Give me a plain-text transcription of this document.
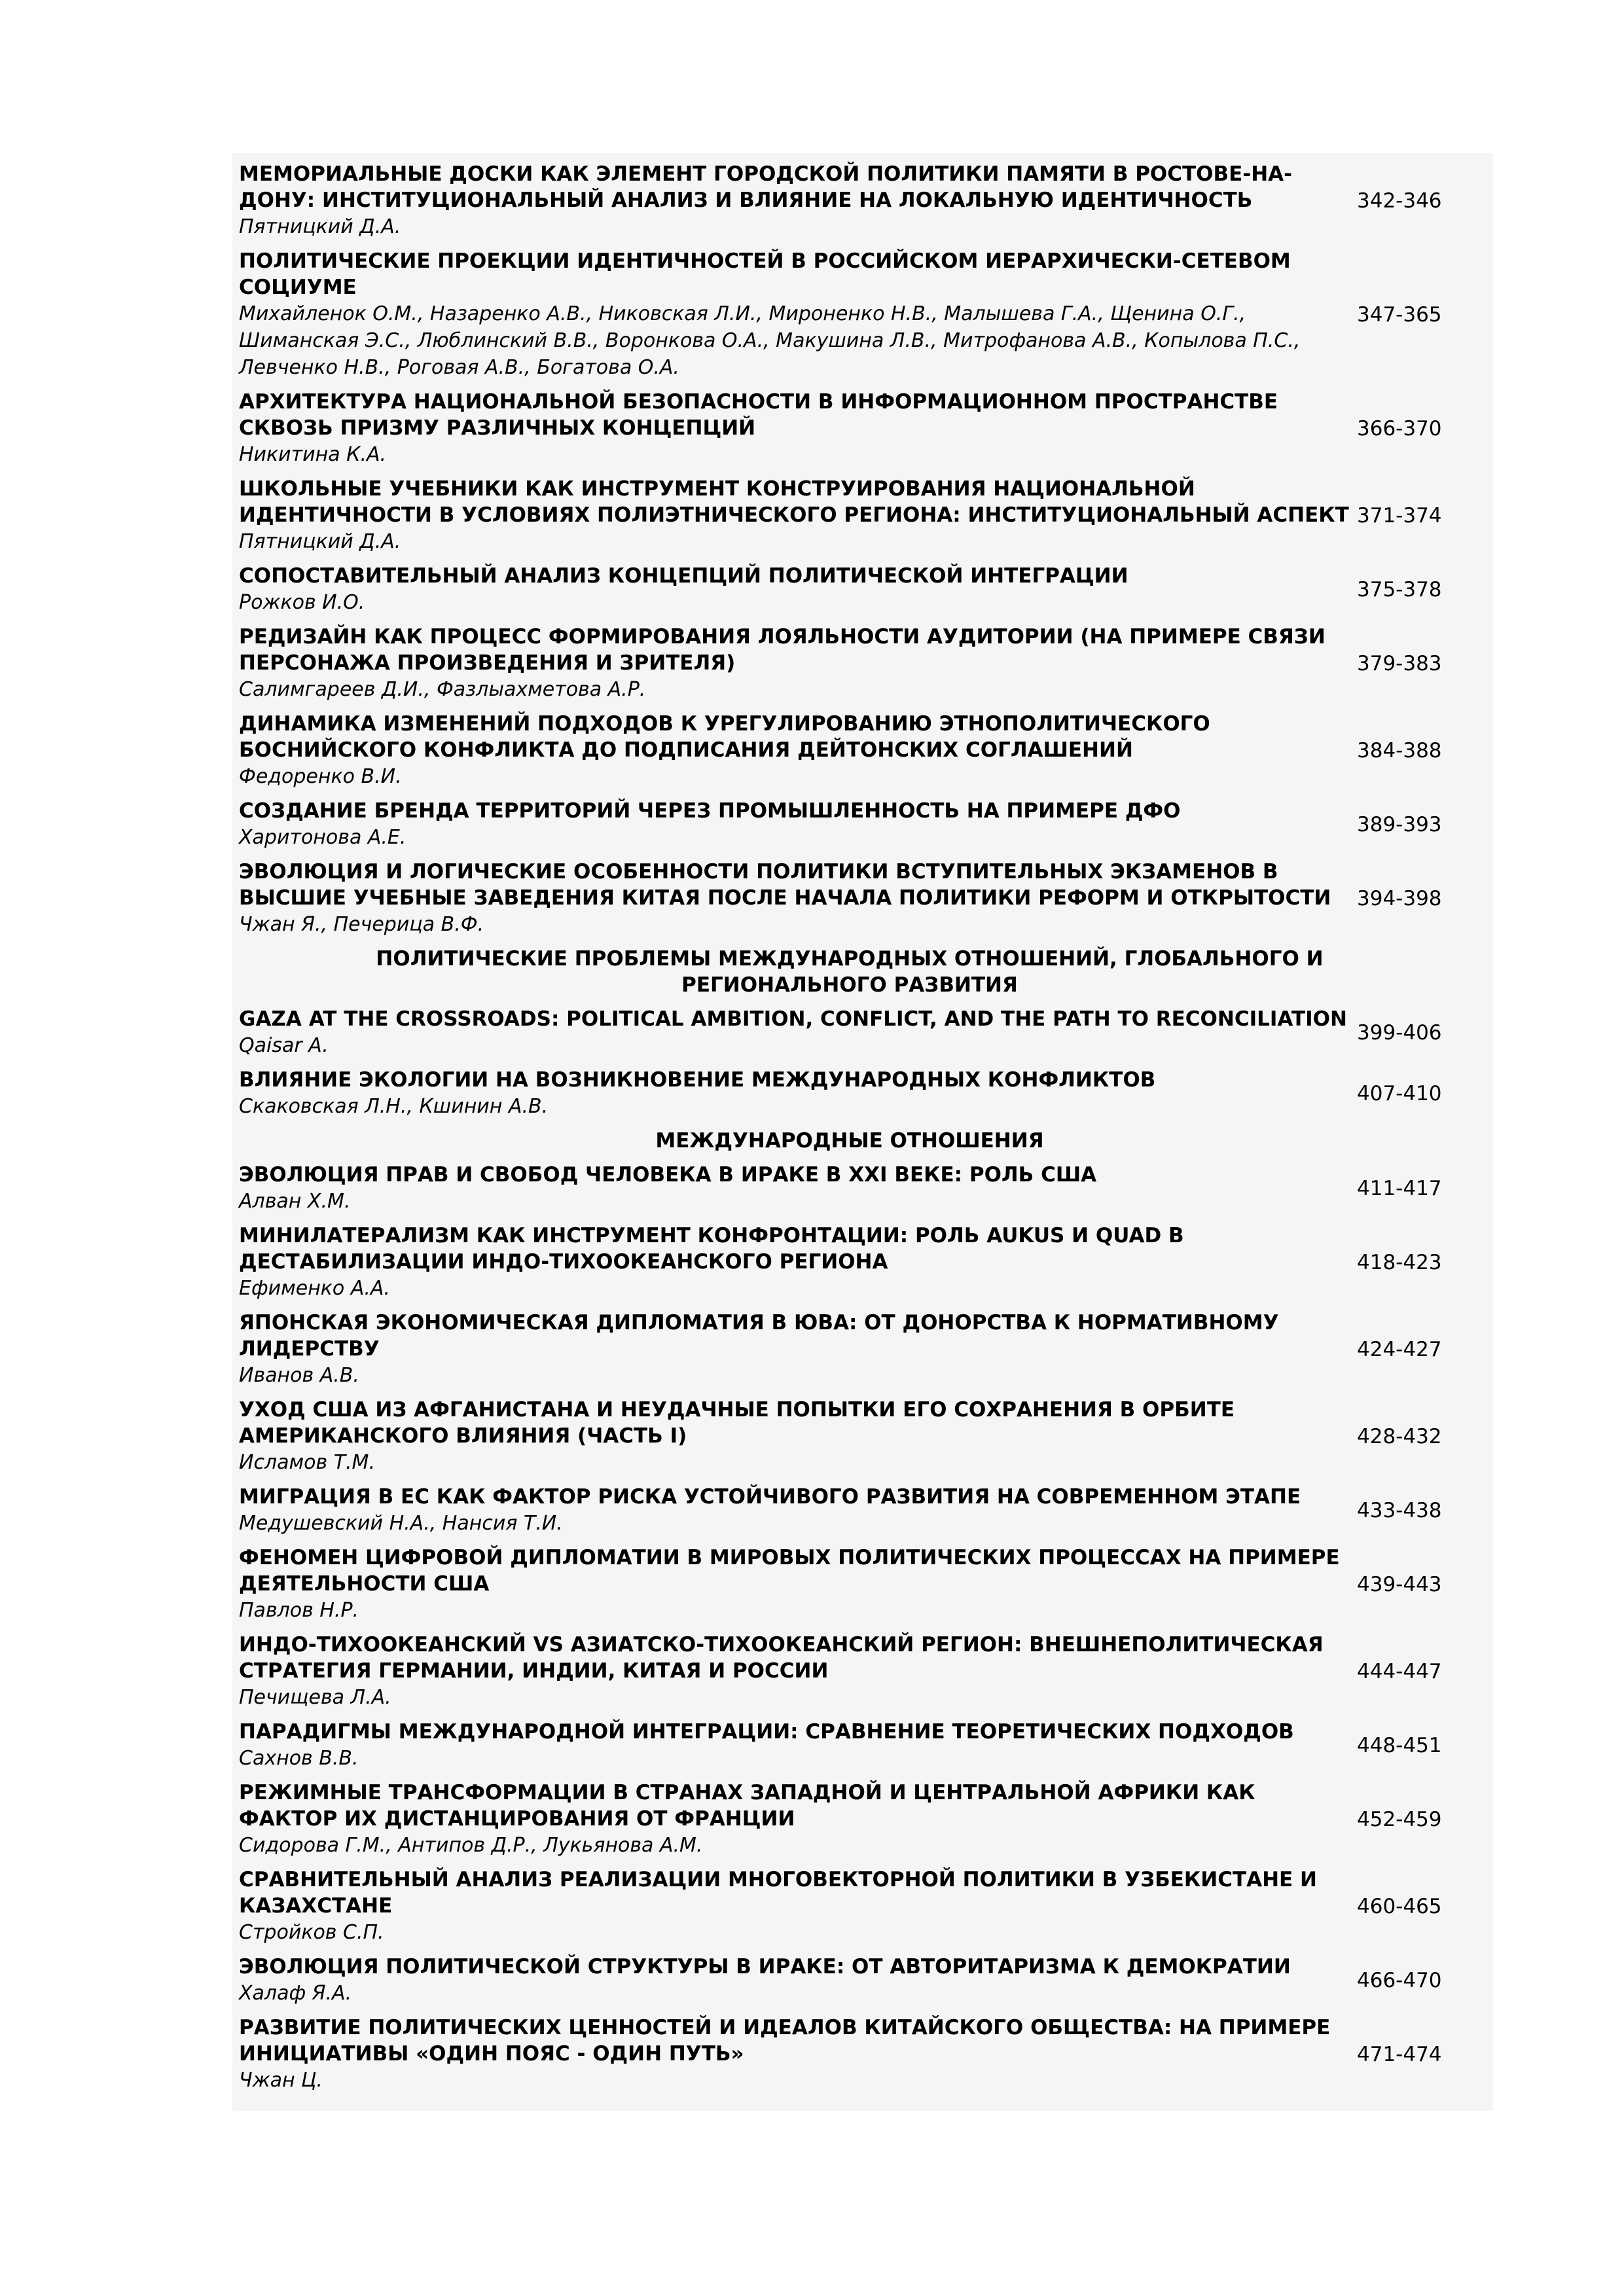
МЕМОРИАЛЬНЫЕ ДОСКИ КАК ЭЛЕМЕНТ ГОРОДСКОЙ ПОЛИТИКИ ПАМЯТИ В РОСТОВЕ-НА-ДОНУ: ИНСТИТУЦИОНАЛЬНЫЙ АНАЛИЗ И ВЛИЯНИЕ НА ЛОКАЛЬНУЮ ИДЕНТИЧНОСТЬ
Пятницкий Д.А.
342-346
ПОЛИТИЧЕСКИЕ ПРОЕКЦИИ ИДЕНТИЧНОСТЕЙ В РОССИЙСКОМ ИЕРАРХИЧЕСКИ-СЕТЕВОМ СОЦИУМЕ
Михайленок О.М., Назаренко А.В., Никовская Л.И., Мироненко Н.В., Малышева Г.А., Щенина О.Г., Шиманская Э.С., Люблинский В.В., Воронкова О.А., Макушина Л.В., Митрофанова А.В., Копылова П.С., Левченко Н.В., Роговая А.В., Богатова О.А.
347-365
АРХИТЕКТУРА НАЦИОНАЛЬНОЙ БЕЗОПАСНОСТИ В ИНФОРМАЦИОННОМ ПРОСТРАНСТВЕ СКВОЗЬ ПРИЗМУ РАЗЛИЧНЫХ КОНЦЕПЦИЙ
Никитина К.А.
366-370
ШКОЛЬНЫЕ УЧЕБНИКИ КАК ИНСТРУМЕНТ КОНСТРУИРОВАНИЯ НАЦИОНАЛЬНОЙ ИДЕНТИЧНОСТИ В УСЛОВИЯХ ПОЛИЭТНИЧЕСКОГО РЕГИОНА: ИНСТИТУЦИОНАЛЬНЫЙ АСПЕКТ
Пятницкий Д.А.
371-374
СОПОСТАВИТЕЛЬНЫЙ АНАЛИЗ КОНЦЕПЦИЙ ПОЛИТИЧЕСКОЙ ИНТЕГРАЦИИ
Рожков И.О.
375-378
РЕДИЗАЙН КАК ПРОЦЕСС ФОРМИРОВАНИЯ ЛОЯЛЬНОСТИ АУДИТОРИИ (НА ПРИМЕРЕ СВЯЗИ ПЕРСОНАЖА ПРОИЗВЕДЕНИЯ И ЗРИТЕЛЯ)
Салимгареев Д.И., Фазлыахметова А.Р.
379-383
ДИНАМИКА ИЗМЕНЕНИЙ ПОДХОДОВ К УРЕГУЛИРОВАНИЮ ЭТНОПОЛИТИЧЕСКОГО БОСНИЙСКОГО КОНФЛИКТА ДО ПОДПИСАНИЯ ДЕЙТОНСКИХ СОГЛАШЕНИЙ
Федоренко В.И.
384-388
СОЗДАНИЕ БРЕНДА ТЕРРИТОРИЙ ЧЕРЕЗ ПРОМЫШЛЕННОСТЬ НА ПРИМЕРЕ ДФО
Харитонова А.Е.
389-393
ЭВОЛЮЦИЯ И ЛОГИЧЕСКИЕ ОСОБЕННОСТИ ПОЛИТИКИ ВСТУПИТЕЛЬНЫХ ЭКЗАМЕНОВ В ВЫСШИЕ УЧЕБНЫЕ ЗАВЕДЕНИЯ КИТАЯ ПОСЛЕ НАЧАЛА ПОЛИТИКИ РЕФОРМ И ОТКРЫТОСТИ
Чжан Я., Печерица В.Ф.
394-398
ПОЛИТИЧЕСКИЕ ПРОБЛЕМЫ МЕЖДУНАРОДНЫХ ОТНОШЕНИЙ, ГЛОБАЛЬНОГО И РЕГИОНАЛЬНОГО РАЗВИТИЯ
GAZA AT THE CROSSROADS: POLITICAL AMBITION, CONFLICT, AND THE PATH TO RECONCILIATION
Qaisar A.
399-406
ВЛИЯНИЕ ЭКОЛОГИИ НА ВОЗНИКНОВЕНИЕ МЕЖДУНАРОДНЫХ КОНФЛИКТОВ
Скаковская Л.Н., Кшинин А.В.
407-410
МЕЖДУНАРОДНЫЕ ОТНОШЕНИЯ
ЭВОЛЮЦИЯ ПРАВ И СВОБОД ЧЕЛОВЕКА В ИРАКЕ В XXI ВЕКЕ: РОЛЬ США
Алван Х.М.
411-417
МИНИЛАТЕРАЛИЗМ КАК ИНСТРУМЕНТ КОНФРОНТАЦИИ: РОЛЬ AUKUS И QUAD В ДЕСТАБИЛИЗАЦИИ ИНДО-ТИХООКЕАНСКОГО РЕГИОНА
Ефименко А.А.
418-423
ЯПОНСКАЯ ЭКОНОМИЧЕСКАЯ ДИПЛОМАТИЯ В ЮВА: ОТ ДОНОРСТВА К НОРМАТИВНОМУ ЛИДЕРСТВУ
Иванов А.В.
424-427
УХОД США ИЗ АФГАНИСТАНА И НЕУДАЧНЫЕ ПОПЫТКИ ЕГО СОХРАНЕНИЯ В ОРБИТЕ АМЕРИКАНСКОГО ВЛИЯНИЯ (ЧАСТЬ I)
Исламов Т.М.
428-432
МИГРАЦИЯ В ЕС КАК ФАКТОР РИСКА УСТОЙЧИВОГО РАЗВИТИЯ НА СОВРЕМЕННОМ ЭТАПЕ
Медушевский Н.А., Нансия Т.И.
433-438
ФЕНОМЕН ЦИФРОВОЙ ДИПЛОМАТИИ В МИРОВЫХ ПОЛИТИЧЕСКИХ ПРОЦЕССАХ НА ПРИМЕРЕ ДЕЯТЕЛЬНОСТИ США
Павлов Н.Р.
439-443
ИНДО-ТИХООКЕАНСКИЙ VS АЗИАТСКО-ТИХООКЕАНСКИЙ РЕГИОН: ВНЕШНЕПОЛИТИЧЕСКАЯ СТРАТЕГИЯ ГЕРМАНИИ, ИНДИИ, КИТАЯ И РОССИИ
Печищева Л.А.
444-447
ПАРАДИГМЫ МЕЖДУНАРОДНОЙ ИНТЕГРАЦИИ: СРАВНЕНИЕ ТЕОРЕТИЧЕСКИХ ПОДХОДОВ
Сахнов В.В.
448-451
РЕЖИМНЫЕ ТРАНСФОРМАЦИИ В СТРАНАХ ЗАПАДНОЙ И ЦЕНТРАЛЬНОЙ АФРИКИ КАК ФАКТОР ИХ ДИСТАНЦИРОВАНИЯ ОТ ФРАНЦИИ
Сидорова Г.М., Антипов Д.Р., Лукьянова А.М.
452-459
СРАВНИТЕЛЬНЫЙ АНАЛИЗ РЕАЛИЗАЦИИ МНОГОВЕКТОРНОЙ ПОЛИТИКИ В УЗБЕКИСТАНЕ И КАЗАХСТАНЕ
Стройков С.П.
460-465
ЭВОЛЮЦИЯ ПОЛИТИЧЕСКОЙ СТРУКТУРЫ В ИРАКЕ: ОТ АВТОРИТАРИЗМА К ДЕМОКРАТИИ
Халаф Я.А.
466-470
РАЗВИТИЕ ПОЛИТИЧЕСКИХ ЦЕННОСТЕЙ И ИДЕАЛОВ КИТАЙСКОГО ОБЩЕСТВА: НА ПРИМЕРЕ ИНИЦИАТИВЫ «ОДИН ПОЯС - ОДИН ПУТЬ»
Чжан Ц.
471-474
